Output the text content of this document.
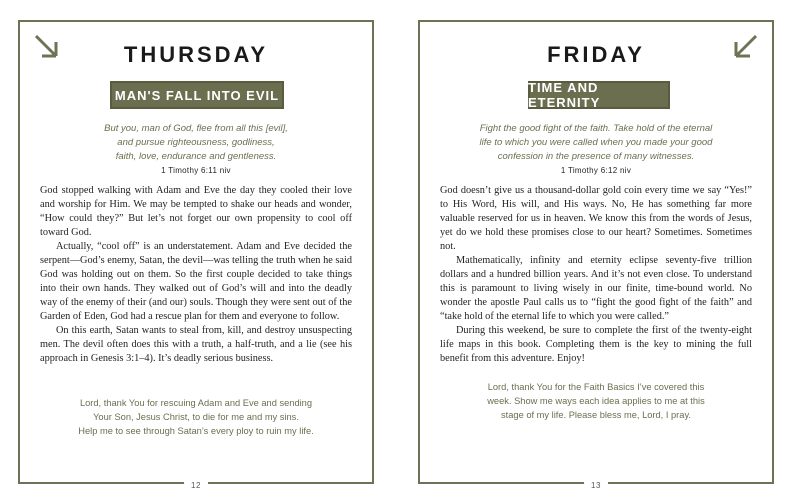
THURSDAY
MAN'S FALL INTO EVIL
But you, man of God, flee from all this [evil],
and pursue righteousness, godliness,
faith, love, endurance and gentleness.
1 Timothy 6:11 niv

God stopped walking with Adam and Eve the day they cooled their love and worship for Him. We may be tempted to shake our heads and wonder, “How could they?” But let’s not forget our own propensity to cool off toward God.

Actually, “cool off” is an understatement. Adam and Eve decided the serpent—God’s enemy, Satan, the devil—was telling the truth when he said God was holding out on them. So the first couple decided to take things into their own hands. They walked out of God’s will and into the deadly way of the enemy of their (and our) souls. Though they were sent out of the Garden of Eden, God had a rescue plan for them and everyone to follow.

On this earth, Satan wants to steal from, kill, and destroy unsuspecting men. The devil often does this with a truth, a half-truth, and a lie (see his approach in Genesis 3:1–4). It’s deadly serious business.

Lord, thank You for rescuing Adam and Eve and sending
Your Son, Jesus Christ, to die for me and my sins.
Help me to see through Satan’s every ploy to ruin my life.
12
FRIDAY
TIME AND ETERNITY
Fight the good fight of the faith. Take hold of the eternal
life to which you were called when you made your good
confession in the presence of many witnesses.
1 Timothy 6:12 niv

God doesn’t give us a thousand-dollar gold coin every time we say “Yes!” to His Word, His will, and His ways. No, He has something far more valuable reserved for us in heaven. We know this from the words of Jesus, yet do we hold these promises close to our heart? Sometimes. Sometimes not.

Mathematically, infinity and eternity eclipse seventy-five trillion dollars and a hundred billion years. And it’s not even close. To understand this is paramount to living wisely in our finite, time-bound world. No wonder the apostle Paul calls us to “fight the good fight of the faith” and “take hold of the eternal life to which you were called.”

During this weekend, be sure to complete the first of the twenty-eight life maps in this book. Completing them is the key to mining the full benefit from this adventure. Enjoy!

Lord, thank You for the Faith Basics I’ve covered this
week. Show me ways each idea applies to me at this
stage of my life. Please bless me, Lord, I pray.
13
